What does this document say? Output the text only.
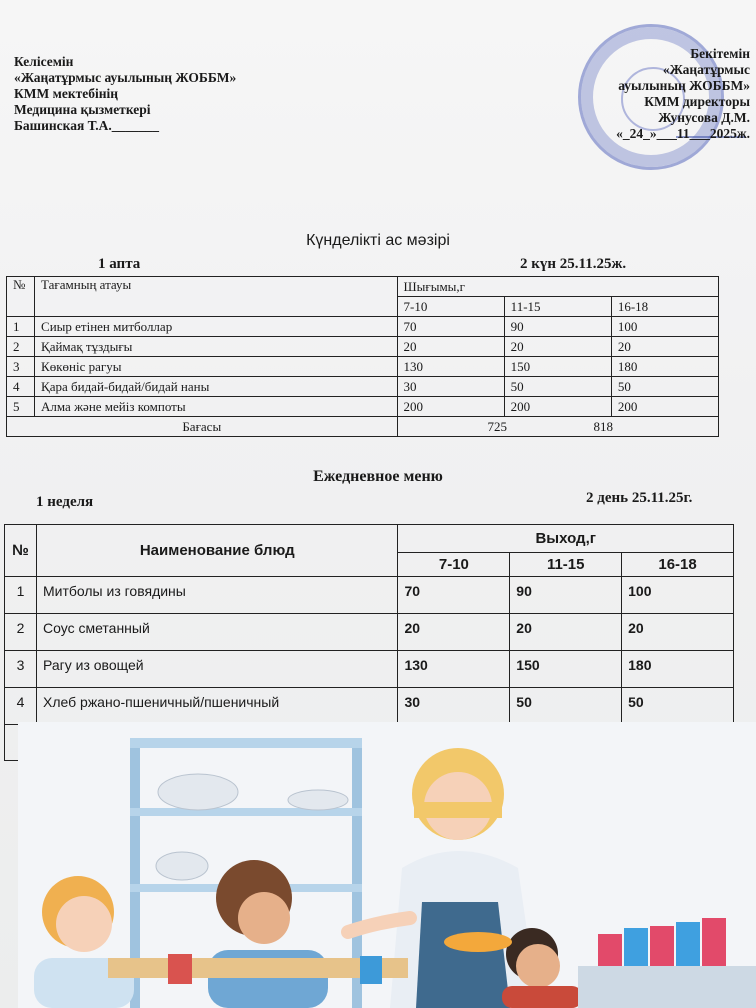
Келісемін
«Жаңатұрмыс ауылының ЖОББМ»
КММ мектебінің
Медицина қызметкері
Башинская Т.А._______
Бекітемін
«Жаңатұрмыс
ауылының ЖОББМ»
КММ директоры
Жунусова Д.М.
«_24_»___11___2025ж.
Күнделікті ас мәзірі
1 апта	2 күн 25.11.25ж.
№	Тағамның атауы	Шығымы,г		
		7-10	11-15	16-18
1	Сиыр етінен митболлар	70	90	100
2	Қаймақ тұздығы	20	20	20
3	Көкөніс рагуы	130	150	180
4	Қара бидай-бидай/бидай наны	30	50	50
5	Алма және мейіз компоты	200	200	200
Бағасы		725 818		
Ежедневное меню
1 неделя	2 день 25.11.25г.
№	Наименование блюд	Выход,г		
		7-10	11-15	16-18
1	Митболы из говядины	70	90	100
2	Соус сметанный	20	20	20
3	Рагу из овощей	130	150	180
4	Хлеб ржано-пшеничный/пшеничный	30	50	50
